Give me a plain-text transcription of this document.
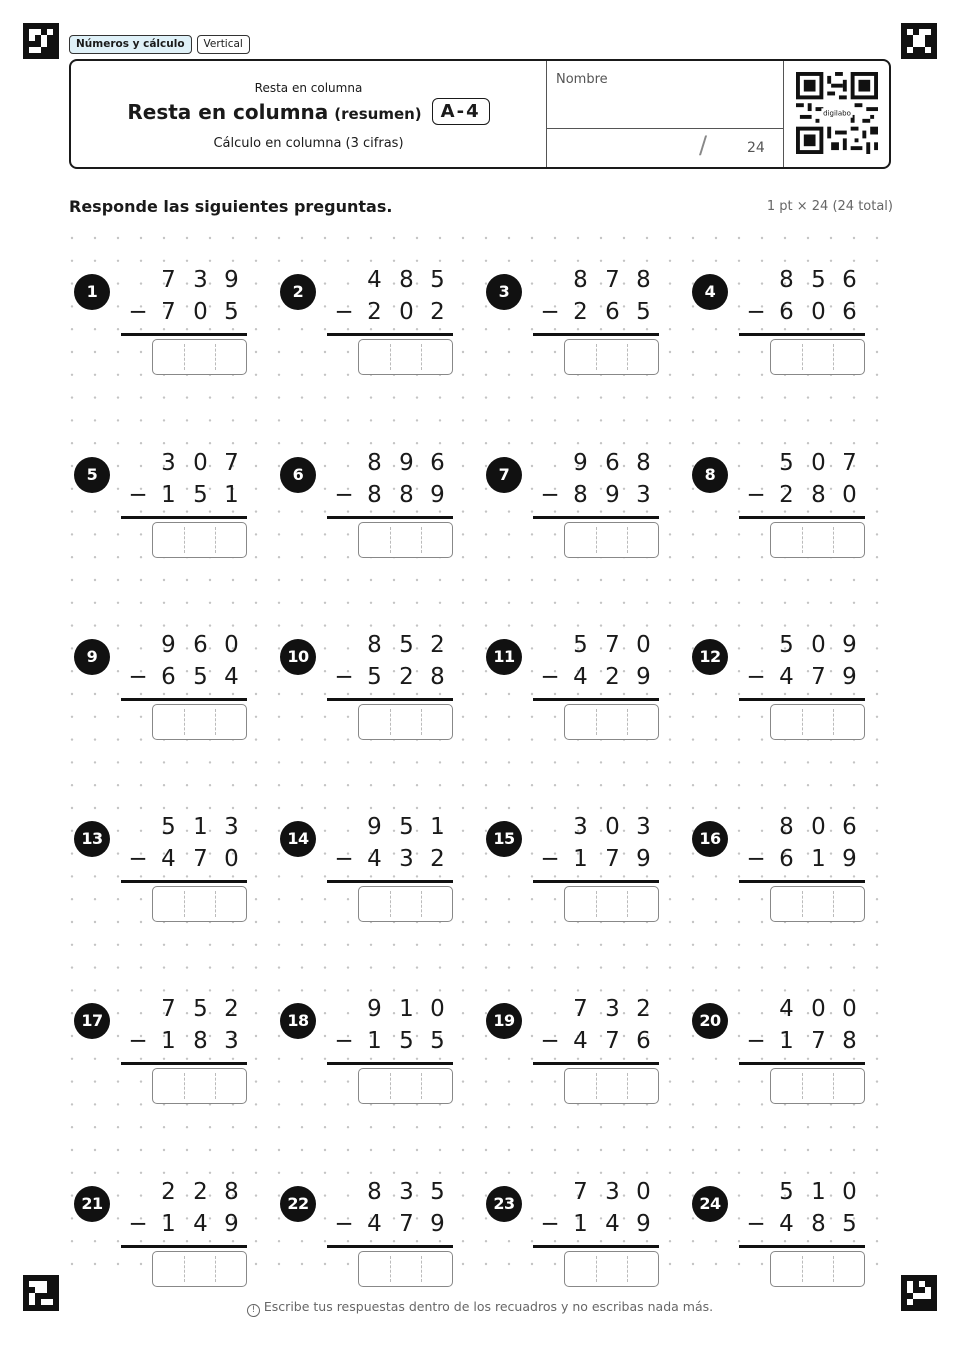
Números y cálculo	Vertical
Resta en columna
Resta en columna (resumen)	A-4
Cálculo en columna (3 cifras)
Nombre
/	24
digilabo
Responde las siguientes preguntas.	1 pt × 24 (24 total)
1	7 3 9
− 7 0 5
2	4 8 5
− 2 0 2
3	8 7 8
− 2 6 5
4	8 5 6
− 6 0 6
5	3 0 7
− 1 5 1
6	8 9 6
− 8 8 9
7	9 6 8
− 8 9 3
8	5 0 7
− 2 8 0
9	9 6 0
− 6 5 4
10	8 5 2
− 5 2 8
11	5 7 0
− 4 2 9
12	5 0 9
− 4 7 9
13	5 1 3
− 4 7 0
14	9 5 1
− 4 3 2
15	3 0 3
− 1 7 9
16	8 0 6
− 6 1 9
17	7 5 2
− 1 8 3
18	9 1 0
− 1 5 5
19	7 3 2
− 4 7 6
20	4 0 0
− 1 7 8
21	2 2 8
− 1 4 9
22	8 3 5
− 4 7 9
23	7 3 0
− 1 4 9
24	5 1 0
− 4 8 5
! Escribe tus respuestas dentro de los recuadros y no escribas nada más.
